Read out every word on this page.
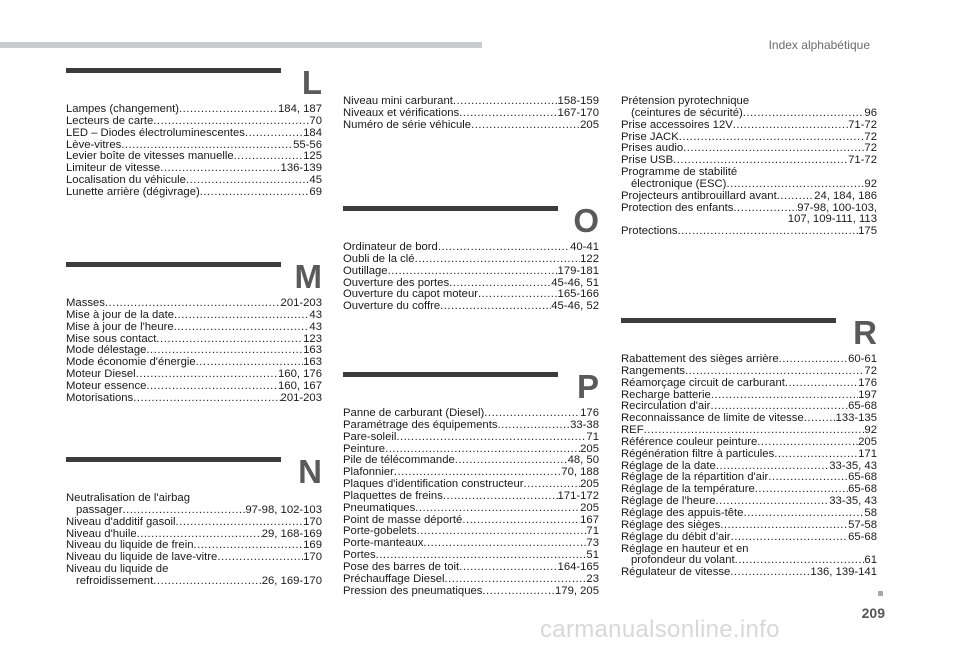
Index alphabétique
L
Lampes (changement) .....	184, 187
Lecteurs de carte .....	70
LED – Diodes électroluminescentes .....	184
Lève-vitres .....	55-56
Levier boîte de vitesses manuelle .....	125
Limiteur de vitesse .....	136-139
Localisation du véhicule .....	45
Lunette arrière (dégivrage) .....	69
M
Masses .....	201-203
Mise à jour de la date .....	43
Mise à jour de l'heure .....	43
Mise sous contact .....	123
Mode délestage .....	163
Mode économie d'énergie .....	163
Moteur Diesel .....	160, 176
Moteur essence .....	160, 167
Motorisations .....	201-203
N
Neutralisation de l'airbag
passager .....	97-98, 102-103
Niveau d'additif gasoil .....	170
Niveau d'huile .....	29, 168-169
Niveau du liquide de frein .....	169
Niveau du liquide de lave-vitre .....	170
Niveau du liquide de
refroidissement .....	26, 169-170
Niveau mini carburant .....	158-159
Niveaux et vérifications .....	167-170
Numéro de série véhicule .....	205
O
Ordinateur de bord .....	40-41
Oubli de la clé .....	122
Outillage .....	179-181
Ouverture des portes .....	45-46, 51
Ouverture du capot moteur .....	165-166
Ouverture du coffre .....	45-46, 52
P
Panne de carburant (Diesel) .....	176
Paramétrage des équipements .....	33-38
Pare-soleil .....	71
Peinture .....	205
Pile de télécommande .....	48, 50
Plafonnier .....	70, 188
Plaques d'identification constructeur .....	205
Plaquettes de freins .....	171-172
Pneumatiques .....	205
Point de masse déporté .....	167
Porte-gobelets .....	71
Porte-manteaux .....	73
Portes .....	51
Pose des barres de toit .....	164-165
Préchauffage Diesel .....	23
Pression des pneumatiques .....	179, 205
Prétension pyrotechnique
(ceintures de sécurité) .....	96
Prise accessoires 12V .....	71-72
Prise JACK .....	72
Prises audio .....	72
Prise USB .....	71-72
Programme de stabilité
électronique (ESC) .....	92
Projecteurs antibrouillard avant .....	24, 184, 186
Protection des enfants .....	97-98, 100-103,
107, 109-111, 113
Protections .....	175
R
Rabattement des sièges arrière .....	60-61
Rangements .....	72
Réamorçage circuit de carburant .....	176
Recharge batterie .....	197
Recirculation d'air .....	65-68
Reconnaissance de limite de vitesse .....	133-135
REF .....	92
Référence couleur peinture .....	205
Régénération filtre à particules .....	171
Réglage de la date .....	33-35, 43
Réglage de la répartition d'air .....	65-68
Réglage de la température .....	65-68
Réglage de l'heure .....	33-35, 43
Réglage des appuis-tête .....	58
Réglage des sièges .....	57-58
Réglage du débit d'air .....	65-68
Réglage en hauteur et en
profondeur du volant .....	61
Régulateur de vitesse .....	136, 139-141
209
carmanualsonline.info
